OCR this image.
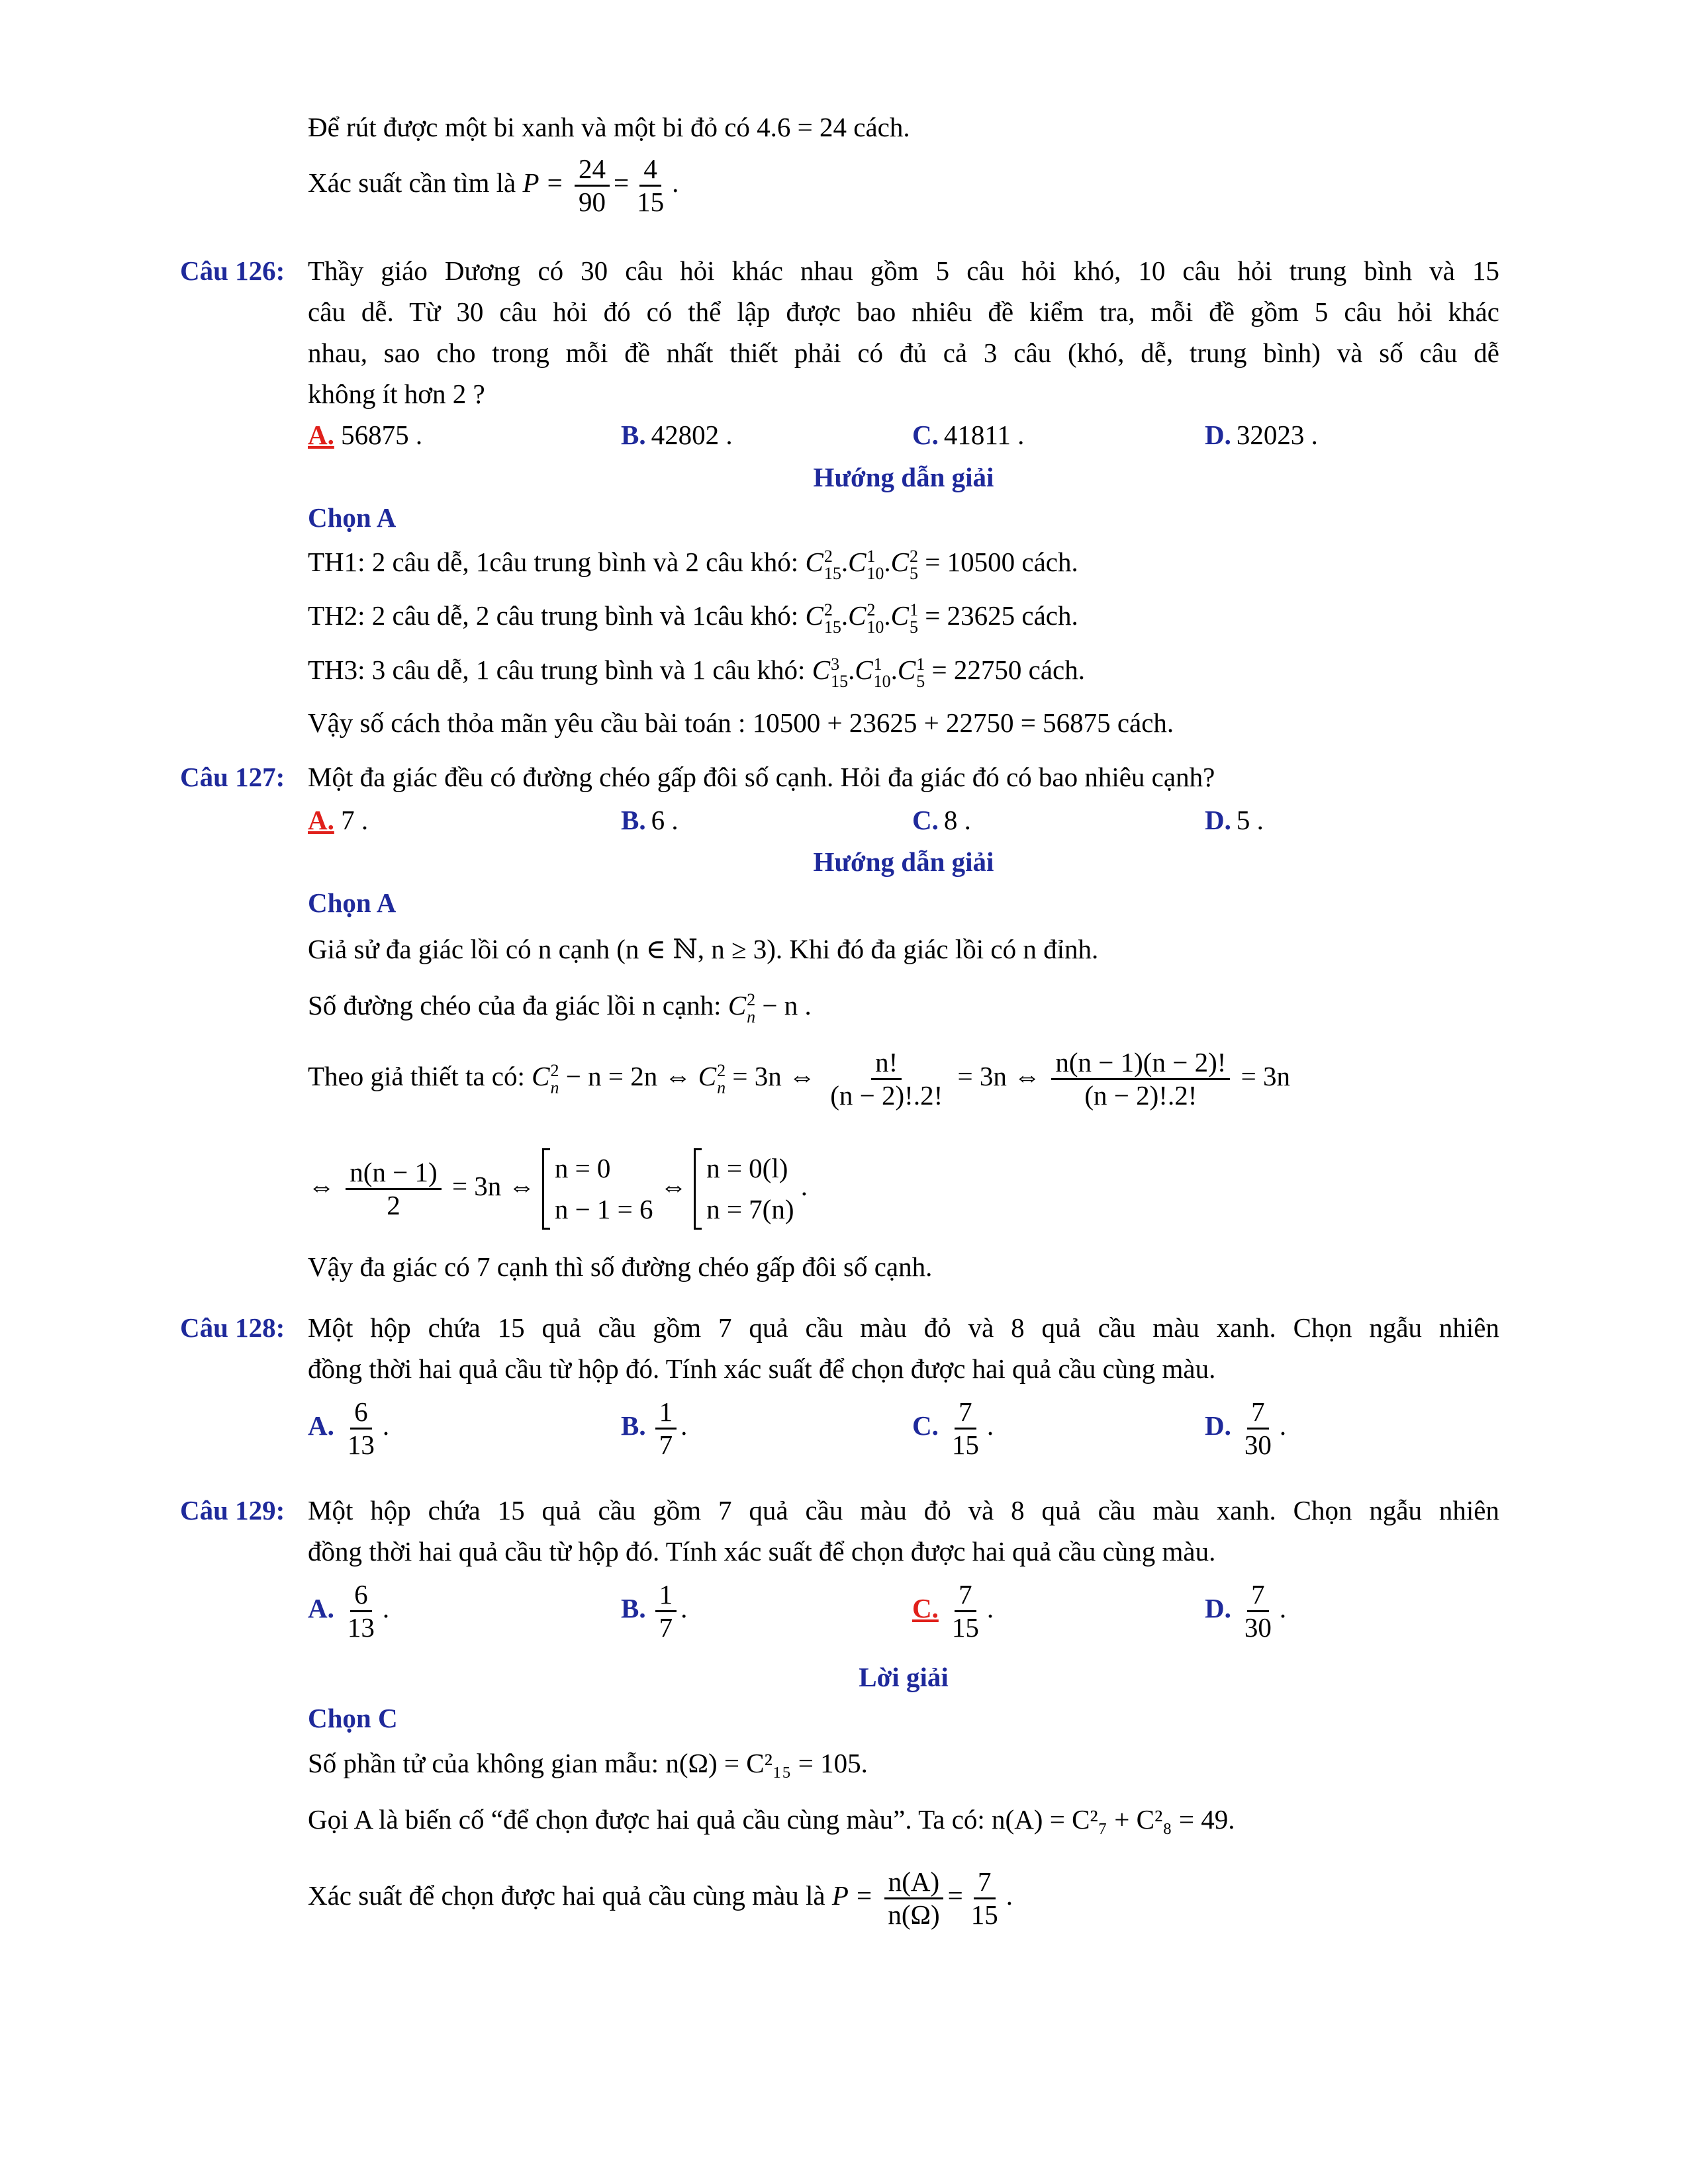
Để rút được một bi xanh và một bi đỏ có 4.6 = 24 cách.
Xác suất cần tìm là $P = \frac{24}{90} = \frac{4}{15}$ .
Câu 126: Thầy giáo Dương có 30 câu hỏi khác nhau gồm 5 câu hỏi khó, 10 câu hỏi trung bình và 15
câu dễ. Từ 30 câu hỏi đó có thể lập được bao nhiêu đề kiểm tra, mỗi đề gồm 5 câu hỏi khác
nhau, sao cho trong mỗi đề nhất thiết phải có đủ cả 3 câu (khó, dễ, trung bình) và số câu dễ
không ít hơn 2 ?
A. 56875 .	B. 42802 .	C. 41811 .	D. 32023 .
Hướng dẫn giải
Chọn A
TH1: 2 câu dễ, 1câu trung bình và 2 câu khó: C 2
15 .C 1
10 .C 2
5 = 10500 cách.
TH2: 2 câu dễ, 2 câu trung bình và 1câu khó: C 2
15 .C 2
10 .C 1
5 = 23625 cách.
TH3: 3 câu dễ, 1 câu trung bình và 1 câu khó: C 3
15 .C 1
10 .C 1
5 = 22750 cách.
Vậy số cách thỏa mãn yêu cầu bài toán : 10500 + 23625 + 22750 = 56875 cách.
Câu 127: Một đa giác đều có đường chéo gấp đôi số cạnh. Hỏi đa giác đó có bao nhiêu cạnh?
A. 7 .	B. 6 .	C. 8 .	D. 5 .
Hướng dẫn giải
Chọn A
Giả sử đa giác lồi có n cạnh (n ∈ ℕ, n ≥ 3). Khi đó đa giác lồi có n đỉnh.
Số đường chéo của đa giác lồi n cạnh: C 2
n − n .
Theo giả thiết ta có: C 2
n − n = 2n ⇔ C 2
n = 3n ⇔ $\frac{n!}{(n - 2)!.2!} = 3n$ ⇔ $\frac{n(n - 1)(n - 2)!}{(n - 2)!.2!} = 3n$
⇔ $\frac{n(n - 1)}{2} = 3n$ ⇔
n = 0
n − 1 = 6
⇔
n = 0(l)
n = 7(n)
.
Vậy đa giác có 7 cạnh thì số đường chéo gấp đôi số cạnh.
Câu 128: Một hộp chứa 15 quả cầu gồm 7 quả cầu màu đỏ và 8 quả cầu màu xanh. Chọn ngẫu nhiên
đồng thời hai quả cầu từ hộp đó. Tính xác suất để chọn được hai quả cầu cùng màu.
A. $\frac{6}{13}$ .	B. $\frac{1}{7}$ .	C. $\frac{7}{15}$ .	D. $\frac{7}{30}$ .
Câu 129: Một hộp chứa 15 quả cầu gồm 7 quả cầu màu đỏ và 8 quả cầu màu xanh. Chọn ngẫu nhiên
đồng thời hai quả cầu từ hộp đó. Tính xác suất để chọn được hai quả cầu cùng màu.
A. $\frac{6}{13}$ .	B. $\frac{1}{7}$ .	C. $\frac{7}{15}$ .	D. $\frac{7}{30}$ .
Lời giải
Chọn C
Số phần tử của không gian mẫu: n(Ω) = C²₁₅ = 105.
Gọi A là biến cố “để chọn được hai quả cầu cùng màu”. Ta có: n(A) = C²₇ + C²₈ = 49.
Xác suất để chọn được hai quả cầu cùng màu là $P = \frac{n(A)}{n(\Omega)} = \frac{7}{15}$ .
